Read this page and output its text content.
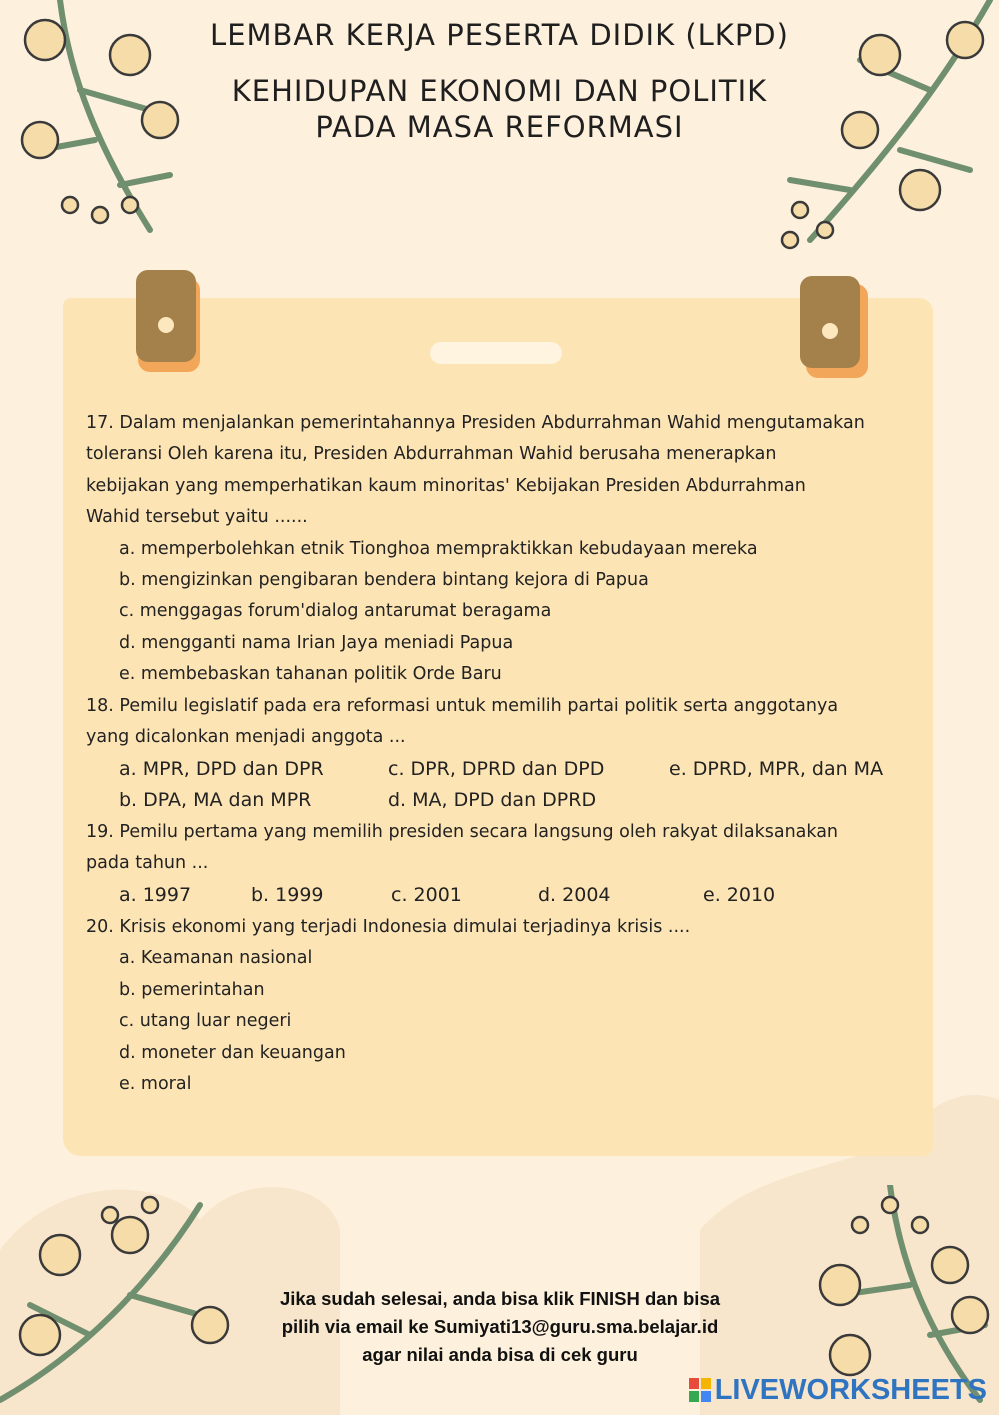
LEMBAR KERJA PESERTA DIDIK (LKPD)
KEHIDUPAN EKONOMI DAN POLITIK
PADA MASA REFORMASI
17. Dalam menjalankan pemerintahannya Presiden Abdurrahman Wahid mengutamakan
toleransi Oleh karena itu, Presiden Abdurrahman Wahid berusaha menerapkan
kebijakan yang memperhatikan kaum minoritas' Kebijakan Presiden Abdurrahman
Wahid tersebut yaitu ......
a. memperbolehkan etnik Tionghoa mempraktikkan kebudayaan mereka
b. mengizinkan pengibaran bendera bintang kejora di Papua
c. menggagas forum'dialog antarumat beragama
d. mengganti nama Irian Jaya meniadi Papua
e. membebaskan tahanan politik Orde Baru
18. Pemilu legislatif pada era reformasi untuk memilih partai politik serta anggotanya
yang dicalonkan menjadi anggota ...
a. MPR, DPD dan DPR	c. DPR, DPRD dan DPD	e. DPRD, MPR, dan MA
b. DPA, MA dan MPR	d. MA, DPD dan DPRD
19. Pemilu pertama yang memilih presiden secara langsung oleh rakyat dilaksanakan
pada tahun ...
a. 1997	b. 1999	c. 2001	d. 2004	e. 2010
20. Krisis ekonomi yang terjadi Indonesia dimulai terjadinya krisis ....
a. Keamanan nasional
b. pemerintahan
c. utang luar negeri
d. moneter dan keuangan
e. moral
Jika sudah selesai, anda bisa klik FINISH dan bisa
pilih via email ke Sumiyati13@guru.sma.belajar.id
agar nilai anda bisa di cek guru
LIVEWORKSHEETS
